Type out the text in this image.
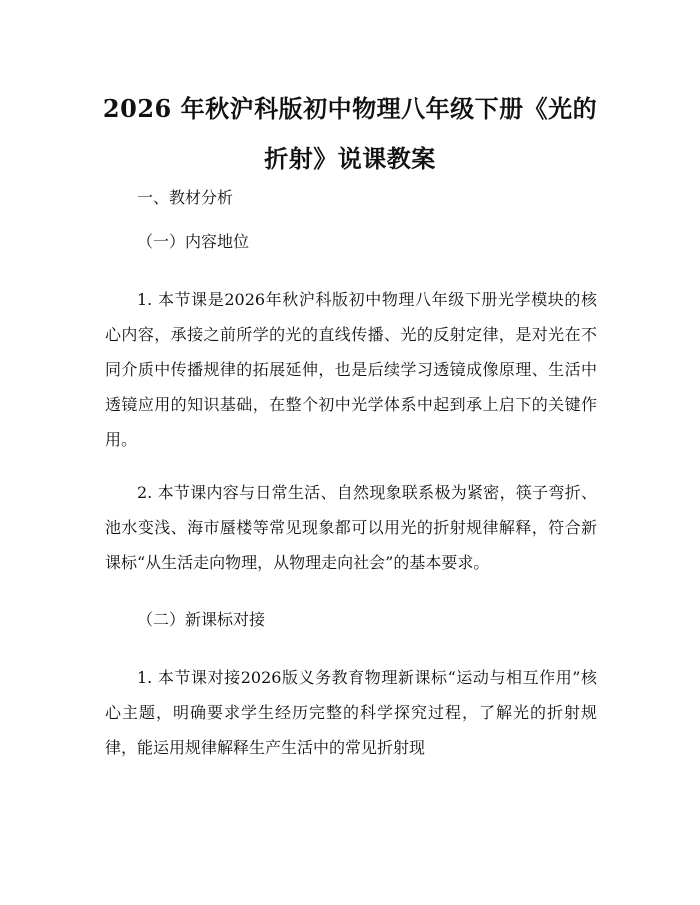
2026 年秋沪科版初中物理八年级下册《光的
折射》说课教案

一、教材分析

（一）内容地位

1. 本节课是2026年秋沪科版初中物理八年级下册光学模块的核心内容，承接之前所学的光的直线传播、光的反射定律，是对光在不同介质中传播规律的拓展延伸，也是后续学习透镜成像原理、生活中透镜应用的知识基础，在整个初中光学体系中起到承上启下的关键作用。

2. 本节课内容与日常生活、自然现象联系极为紧密，筷子弯折、池水变浅、海市蜃楼等常见现象都可以用光的折射规律解释，符合新课标“从生活走向物理，从物理走向社会”的基本要求。

（二）新课标对接

1. 本节课对接2026版义务教育物理新课标“运动与相互作用”核心主题，明确要求学生经历完整的科学探究过程，了解光的折射规律，能运用规律解释生产生活中的常见折射现
